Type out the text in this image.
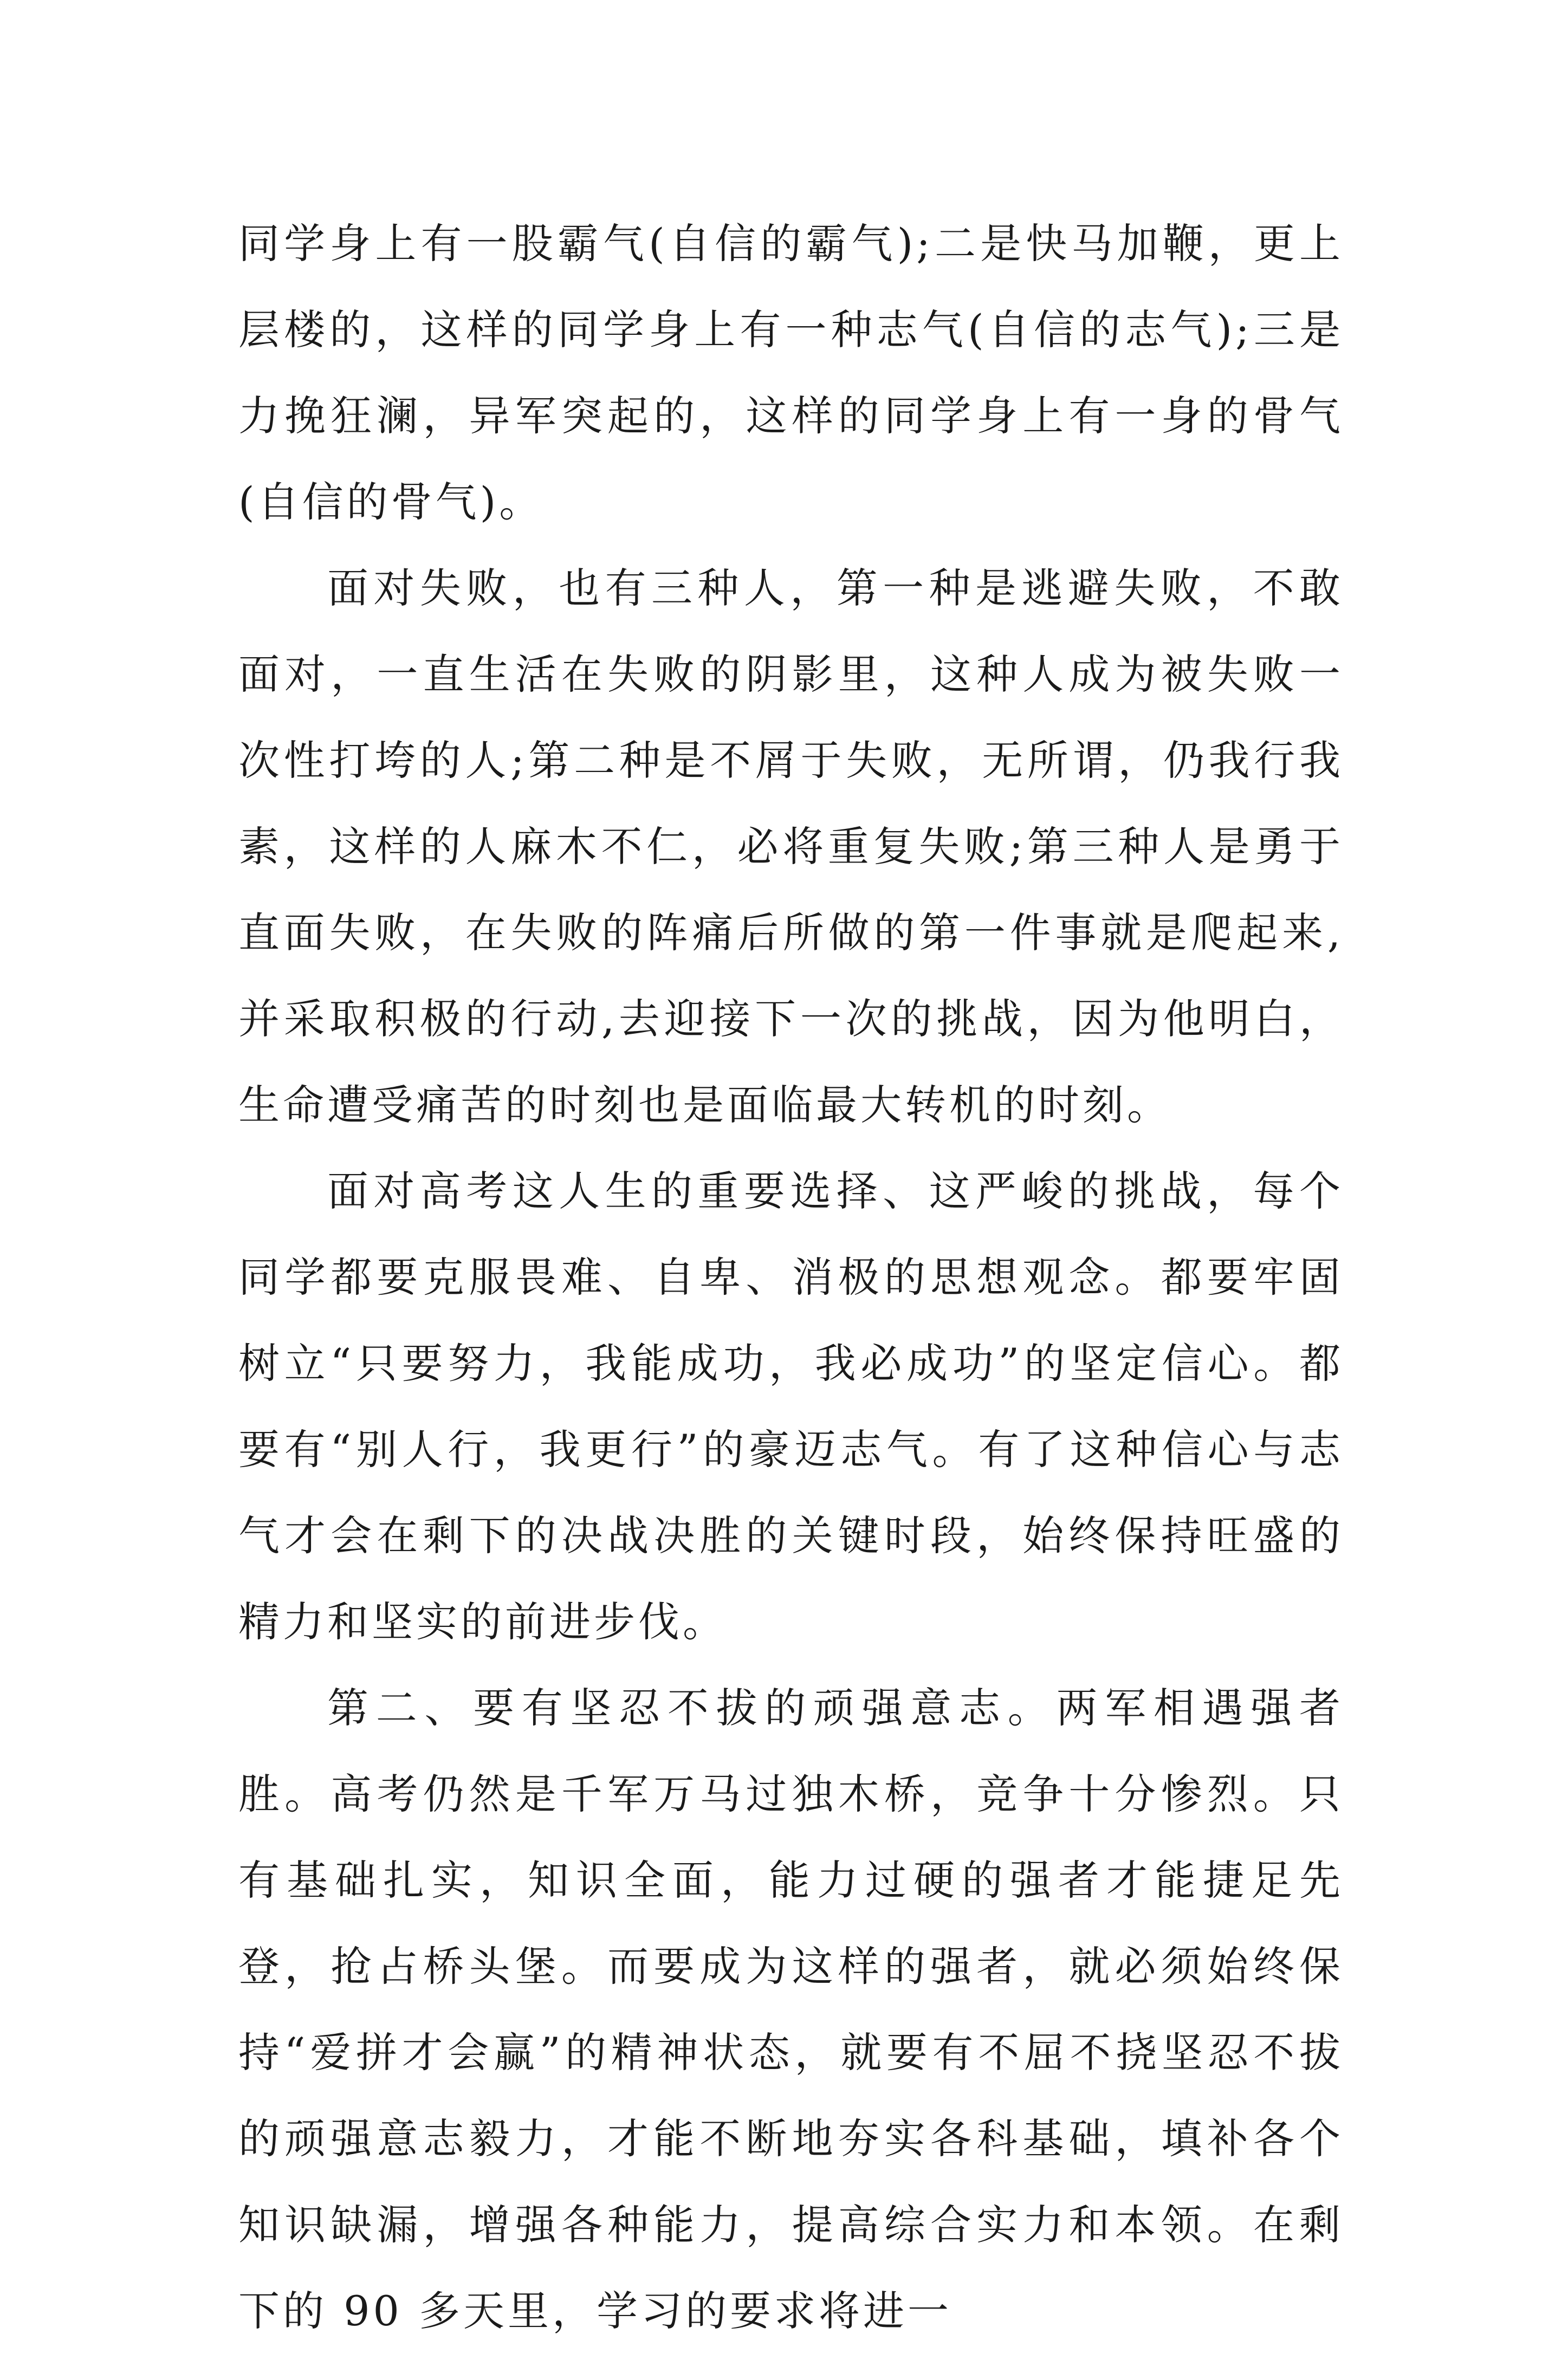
同学身上有一股霸气(自信的霸气);二是快马加鞭，更上层楼的，这样的同学身上有一种志气(自信的志气);三是力挽狂澜，异军突起的，这样的同学身上有一身的骨气(自信的骨气)。

面对失败，也有三种人，第一种是逃避失败，不敢面对，一直生活在失败的阴影里，这种人成为被失败一次性打垮的人;第二种是不屑于失败，无所谓，仍我行我素，这样的人麻木不仁，必将重复失败;第三种人是勇于直面失败，在失败的阵痛后所做的第一件事就是爬起来,并采取积极的行动,去迎接下一次的挑战，因为他明白，生命遭受痛苦的时刻也是面临最大转机的时刻。

面对高考这人生的重要选择、这严峻的挑战，每个同学都要克服畏难、自卑、消极的思想观念。都要牢固树立“只要努力，我能成功，我必成功”的坚定信心。都要有“别人行，我更行”的豪迈志气。有了这种信心与志气才会在剩下的决战决胜的关键时段，始终保持旺盛的精力和坚实的前进步伐。

第二、要有坚忍不拔的顽强意志。两军相遇强者胜。高考仍然是千军万马过独木桥，竞争十分惨烈。只有基础扎实，知识全面，能力过硬的强者才能捷足先登，抢占桥头堡。而要成为这样的强者，就必须始终保持“爱拼才会赢”的精神状态，就要有不屈不挠坚忍不拔的顽强意志毅力，才能不断地夯实各科基础，填补各个知识缺漏，增强各种能力，提高综合实力和本领。在剩下的 90 多天里，学习的要求将进一
